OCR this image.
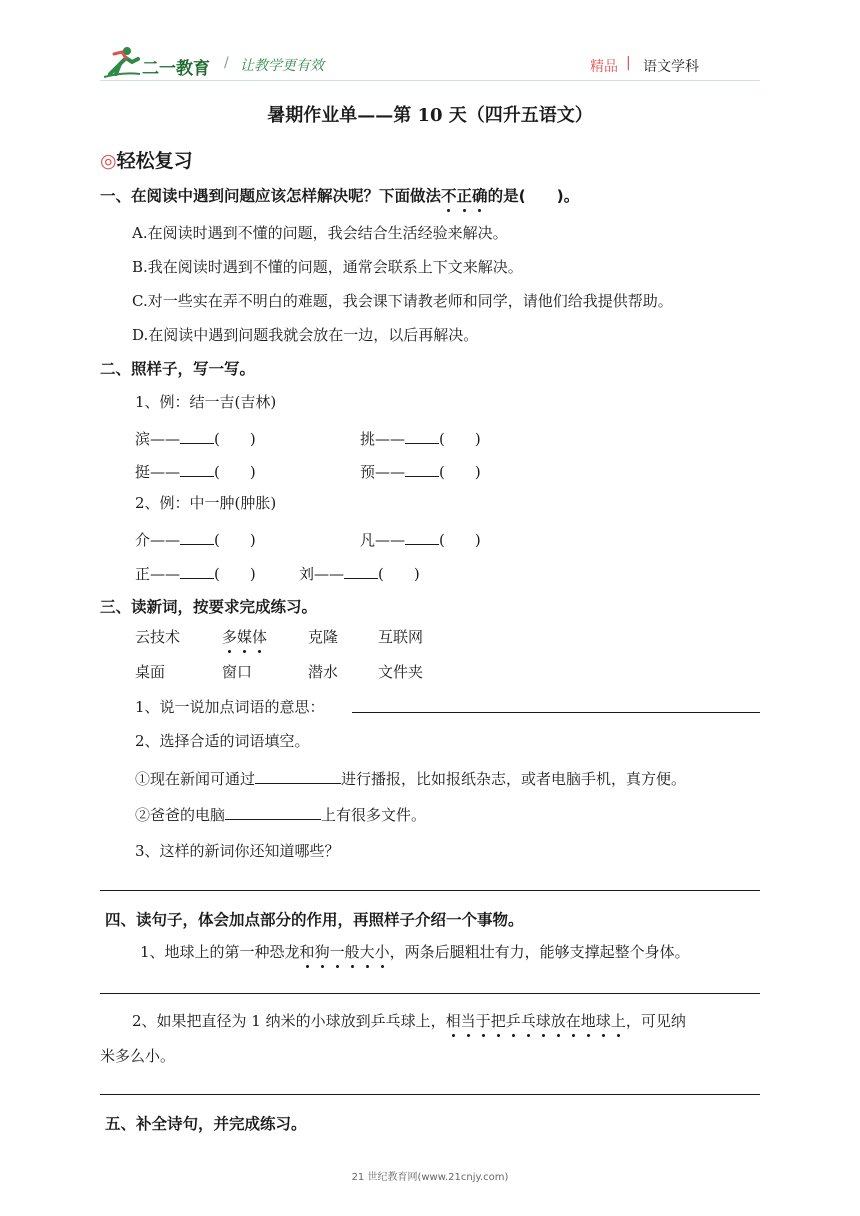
二一教育 / 让教学更有效	精品 | 语文学科
暑期作业单——第 10 天（四升五语文）
◎轻松复习
一、在阅读中遇到问题应该怎样解决呢？下面做法不正确的是(　　)。
A.在阅读时遇到不懂的问题，我会结合生活经验来解决。
B.我在阅读时遇到不懂的问题，通常会联系上下文来解决。
C.对一些实在弄不明白的难题，我会课下请教老师和同学，请他们给我提供帮助。
D.在阅读中遇到问题我就会放在一边，以后再解决。
二、照样子，写一写。
1、例：结一吉(吉林)
滨—— (　　)	挑—— (　　)
挺—— (　　)	预—— (　　)
2、例：中一肿(肿胀)
介—— (　　)	凡—— (　　)
正—— (　　)	刘—— (　　)
三、读新词，按要求完成练习。
云技术	多媒体	克隆	互联网
桌面	窗口	潜水	文件夹
1、说一说加点词语的意思：
2、选择合适的词语填空。
①现在新闻可通过	进行播报，比如报纸杂志，或者电脑手机，真方便。
②爸爸的电脑	上有很多文件。
3、这样的新词你还知道哪些？
四、读句子，体会加点部分的作用，再照样子介绍一个事物。
1、地球上的第一种恐龙和狗一般大小，两条后腿粗壮有力，能够支撑起整个身体。
2、如果把直径为 1 纳米的小球放到乒乓球上，相当于把乒乓球放在地球上，可见纳
米多么小。
五、补全诗句，并完成练习。
21 世纪教育网(www.21cnjy.com)
